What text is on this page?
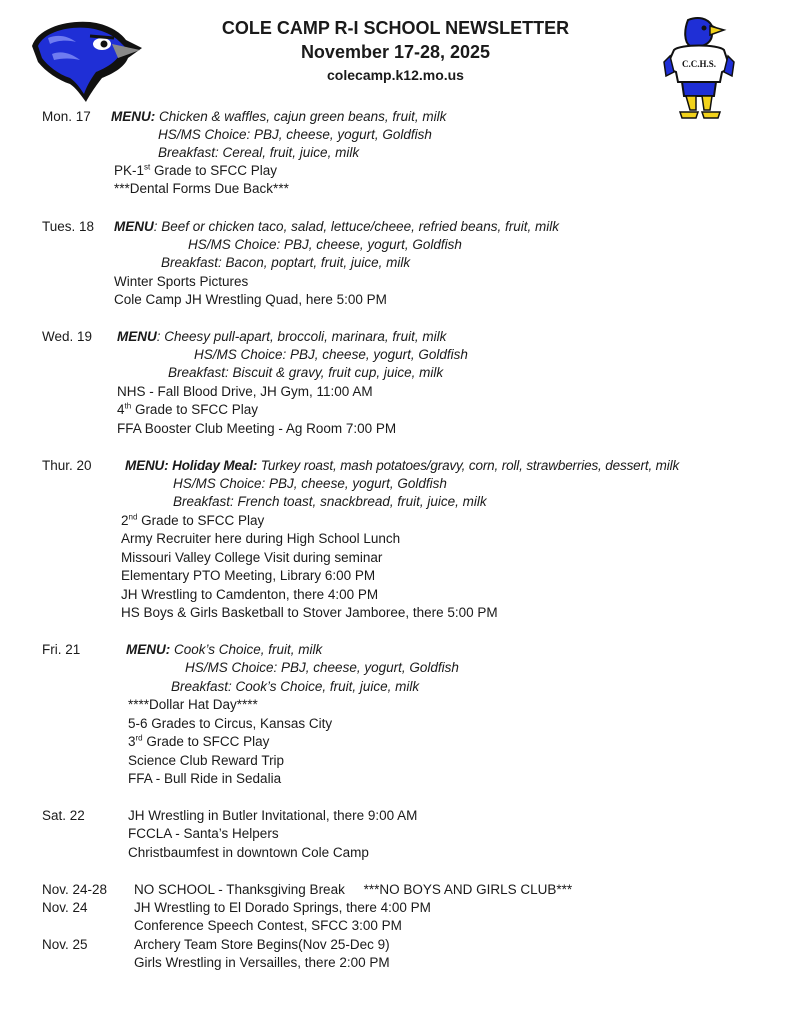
COLE CAMP R-I SCHOOL NEWSLETTER
November 17-28, 2025
colecamp.k12.mo.us
C.C.H.S.
Mon. 17 MENU: Chicken & waffles, cajun green beans, fruit, milk
HS/MS Choice: PBJ, cheese, yogurt, Goldfish
Breakfast: Cereal, fruit, juice, milk
PK-1st Grade to SFCC Play
***Dental Forms Due Back***
Tues. 18 MENU: Beef or chicken taco, salad, lettuce/cheee, refried beans, fruit, milk
HS/MS Choice: PBJ, cheese, yogurt, Goldfish
Breakfast: Bacon, poptart, fruit, juice, milk
Winter Sports Pictures
Cole Camp JH Wrestling Quad, here 5:00 PM
Wed. 19 MENU: Cheesy pull-apart, broccoli, marinara, fruit, milk
HS/MS Choice: PBJ, cheese, yogurt, Goldfish
Breakfast: Biscuit & gravy, fruit cup, juice, milk
NHS - Fall Blood Drive, JH Gym, 11:00 AM
4th Grade to SFCC Play
FFA Booster Club Meeting - Ag Room 7:00 PM
Thur. 20 MENU: Holiday Meal: Turkey roast, mash potatoes/gravy, corn, roll, strawberries, dessert, milk
HS/MS Choice: PBJ, cheese, yogurt, Goldfish
Breakfast: French toast, snackbread, fruit, juice, milk
2nd Grade to SFCC Play
Army Recruiter here during High School Lunch
Missouri Valley College Visit during seminar
Elementary PTO Meeting, Library 6:00 PM
JH Wrestling to Camdenton, there 4:00 PM
HS Boys & Girls Basketball to Stover Jamboree, there 5:00 PM
Fri. 21	MENU: Cook’s Choice, fruit, milk
HS/MS Choice: PBJ, cheese, yogurt, Goldfish
Breakfast: Cook’s Choice, fruit, juice, milk
****Dollar Hat Day****
5-6 Grades to Circus, Kansas City
3rd Grade to SFCC Play
Science Club Reward Trip
FFA - Bull Ride in Sedalia
Sat. 22	JH Wrestling in Butler Invitational, there 9:00 AM
FCCLA - Santa’s Helpers
Christbaumfest in downtown Cole Camp
Nov. 24-28 NO SCHOOL - Thanksgiving Break     ***NO BOYS AND GIRLS CLUB***
Nov. 24	JH Wrestling to El Dorado Springs, there 4:00 PM
Conference Speech Contest, SFCC 3:00 PM
Nov. 25	Archery Team Store Begins(Nov 25-Dec 9)
Girls Wrestling in Versailles, there 2:00 PM
